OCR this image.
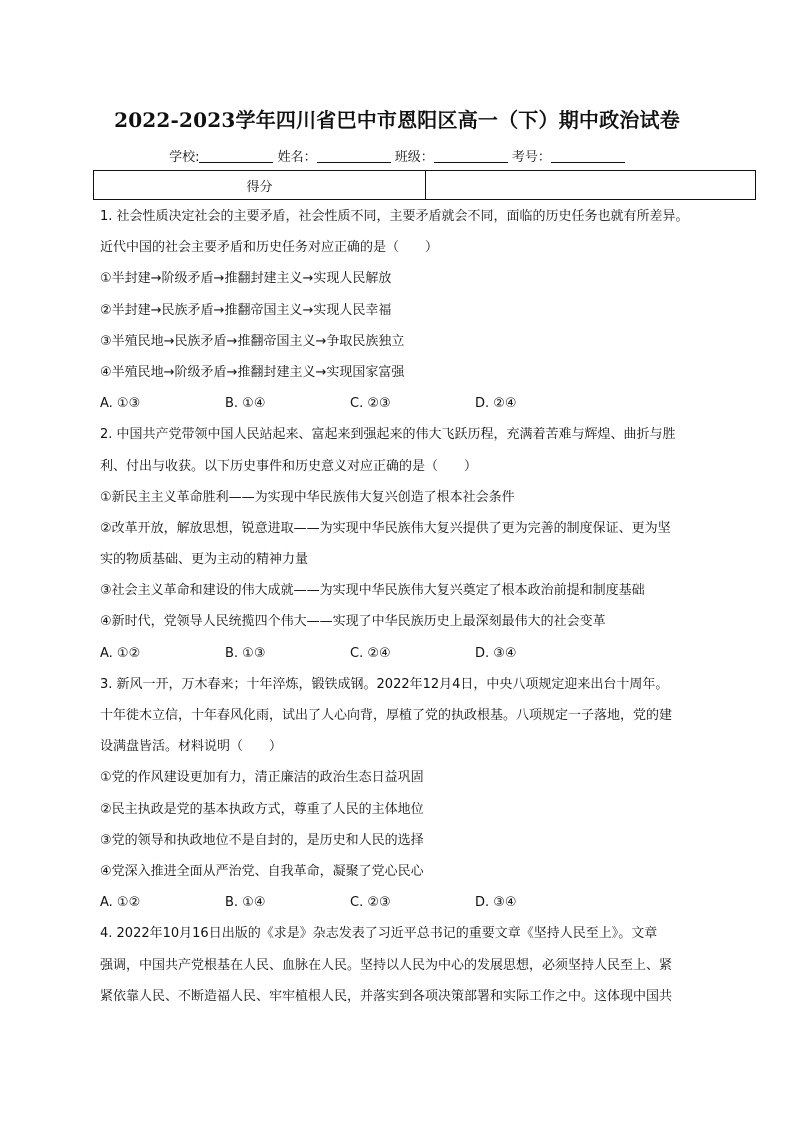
2022-2023学年四川省巴中市恩阳区高一（下）期中政治试卷
学校:	姓名：	班级：	考号：
得分
1. 社会性质决定社会的主要矛盾，社会性质不同，主要矛盾就会不同，面临的历史任务也就有所差异。
近代中国的社会主要矛盾和历史任务对应正确的是（　　）
①半封建→阶级矛盾→推翻封建主义→实现人民解放
②半封建→民族矛盾→推翻帝国主义→实现人民幸福
③半殖民地→民族矛盾→推翻帝国主义→争取民族独立
④半殖民地→阶级矛盾→推翻封建主义→实现国家富强
A. ①③	B. ①④	C. ②③	D. ②④
2. 中国共产党带领中国人民站起来、富起来到强起来的伟大飞跃历程，充满着苦难与辉煌、曲折与胜
利、付出与收获。以下历史事件和历史意义对应正确的是（　　）
①新民主主义革命胜利——为实现中华民族伟大复兴创造了根本社会条件
②改革开放，解放思想，锐意进取——为实现中华民族伟大复兴提供了更为完善的制度保证、更为坚
实的物质基础、更为主动的精神力量
③社会主义革命和建设的伟大成就——为实现中华民族伟大复兴奠定了根本政治前提和制度基础
④新时代，党领导人民统揽四个伟大——实现了中华民族历史上最深刻最伟大的社会变革
A. ①②	B. ①③	C. ②④	D. ③④
3. 新风一开，万木春来；十年淬炼，锻铁成钢。2022年12月4日，中央八项规定迎来出台十周年。
十年徙木立信，十年春风化雨，试出了人心向背，厚植了党的执政根基。八项规定一子落地，党的建
设满盘皆活。材料说明（　　）
①党的作风建设更加有力，清正廉洁的政治生态日益巩固
②民主执政是党的基本执政方式，尊重了人民的主体地位
③党的领导和执政地位不是自封的，是历史和人民的选择
④党深入推进全面从严治党、自我革命，凝聚了党心民心
A. ①②	B. ①④	C. ②③	D. ③④
4. 2022年10月16日出版的《求是》杂志发表了习近平总书记的重要文章《坚持人民至上》。文章
强调，中国共产党根基在人民、血脉在人民。坚持以人民为中心的发展思想，必须坚持人民至上、紧
紧依靠人民、不断造福人民、牢牢植根人民，并落实到各项决策部署和实际工作之中。这体现中国共
